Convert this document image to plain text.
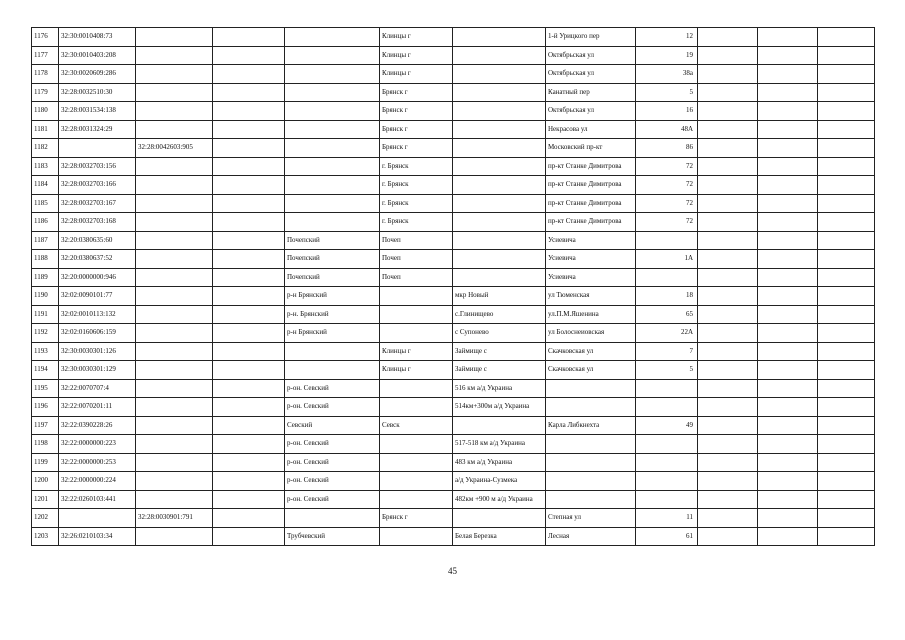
1176	32:30:0010408:73				Клинцы г		1-й Урицкого пер	12			
1177	32:30:0010403:208				Клинцы г		Октябрьская ул	19			
1178	32:30:0020609:286				Клинцы г		Октябрьская ул	38а			
1179	32:28:0032510:30				Брянск г		Канатный пер	5			
1180	32:28:0031534:138				Брянск г		Октябрьская ул	16			
1181	32:28:0031324:29				Брянск г		Некрасова ул	48А			
1182		32:28:0042603:905			Брянск г		Московский пр-кт	86			
1183	32:28:0032703:156				г. Брянск		пр-кт Станке Димитрова	72			
1184	32:28:0032703:166				г. Брянск		пр-кт Станке Димитрова	72			
1185	32:28:0032703:167				г. Брянск		пр-кт Станке Димитрова	72			
1186	32:28:0032703:168				г. Брянск		пр-кт Станке Димитрова	72			
1187	32:20:0380635:60			Почепский	Почеп		Усиевича				
1188	32:20:0380637:52			Почепский	Почеп		Усиевича	1А			
1189	32:20:0000000:946			Почепский	Почеп		Усиевича				
1190	32:02:0090101:77			р-н Брянский		мкр Новый	ул Тюменская	18			
1191	32:02:0010113:132			р-н. Брянский		с.Глинищево	ул.П.М.Яшенина	65			
1192	32:02:0160606:159			р-н Брянский		с Супонево	ул Болоснеиовская	22А			
1193	32:30:0030301:126				Клинцы г	Займище с	Скачковская ул	7			
1194	32:30:0030301:129				Клинцы г	Займище с	Скачковская ул	5			
1195	32:22:0070707:4			р-он. Севский		516 км а/д Украина					
1196	32:22:0070201:11			р-он. Севский		514км+300м а/д Украина					
1197	32:22:0390228:26			Севский	Севск		Карла Либкнехта	49			
1198	32:22:0000000:223			р-он. Севский		517-518 км а/д Украина					
1199	32:22:0000000:253			р-он. Севский		483 км а/д Украина					
1200	32:22:0000000:224			р-он. Севский		а/д Украина-Сузмека					
1201	32:22:0260103:441			р-он. Севский		482км +900 м а/д Украина					
1202		32:28:0030901:791			Брянск г		Степная ул	11			
1203	32:26:0210103:34			Трубчевский		Белая Березка	Лесная	61			
45
